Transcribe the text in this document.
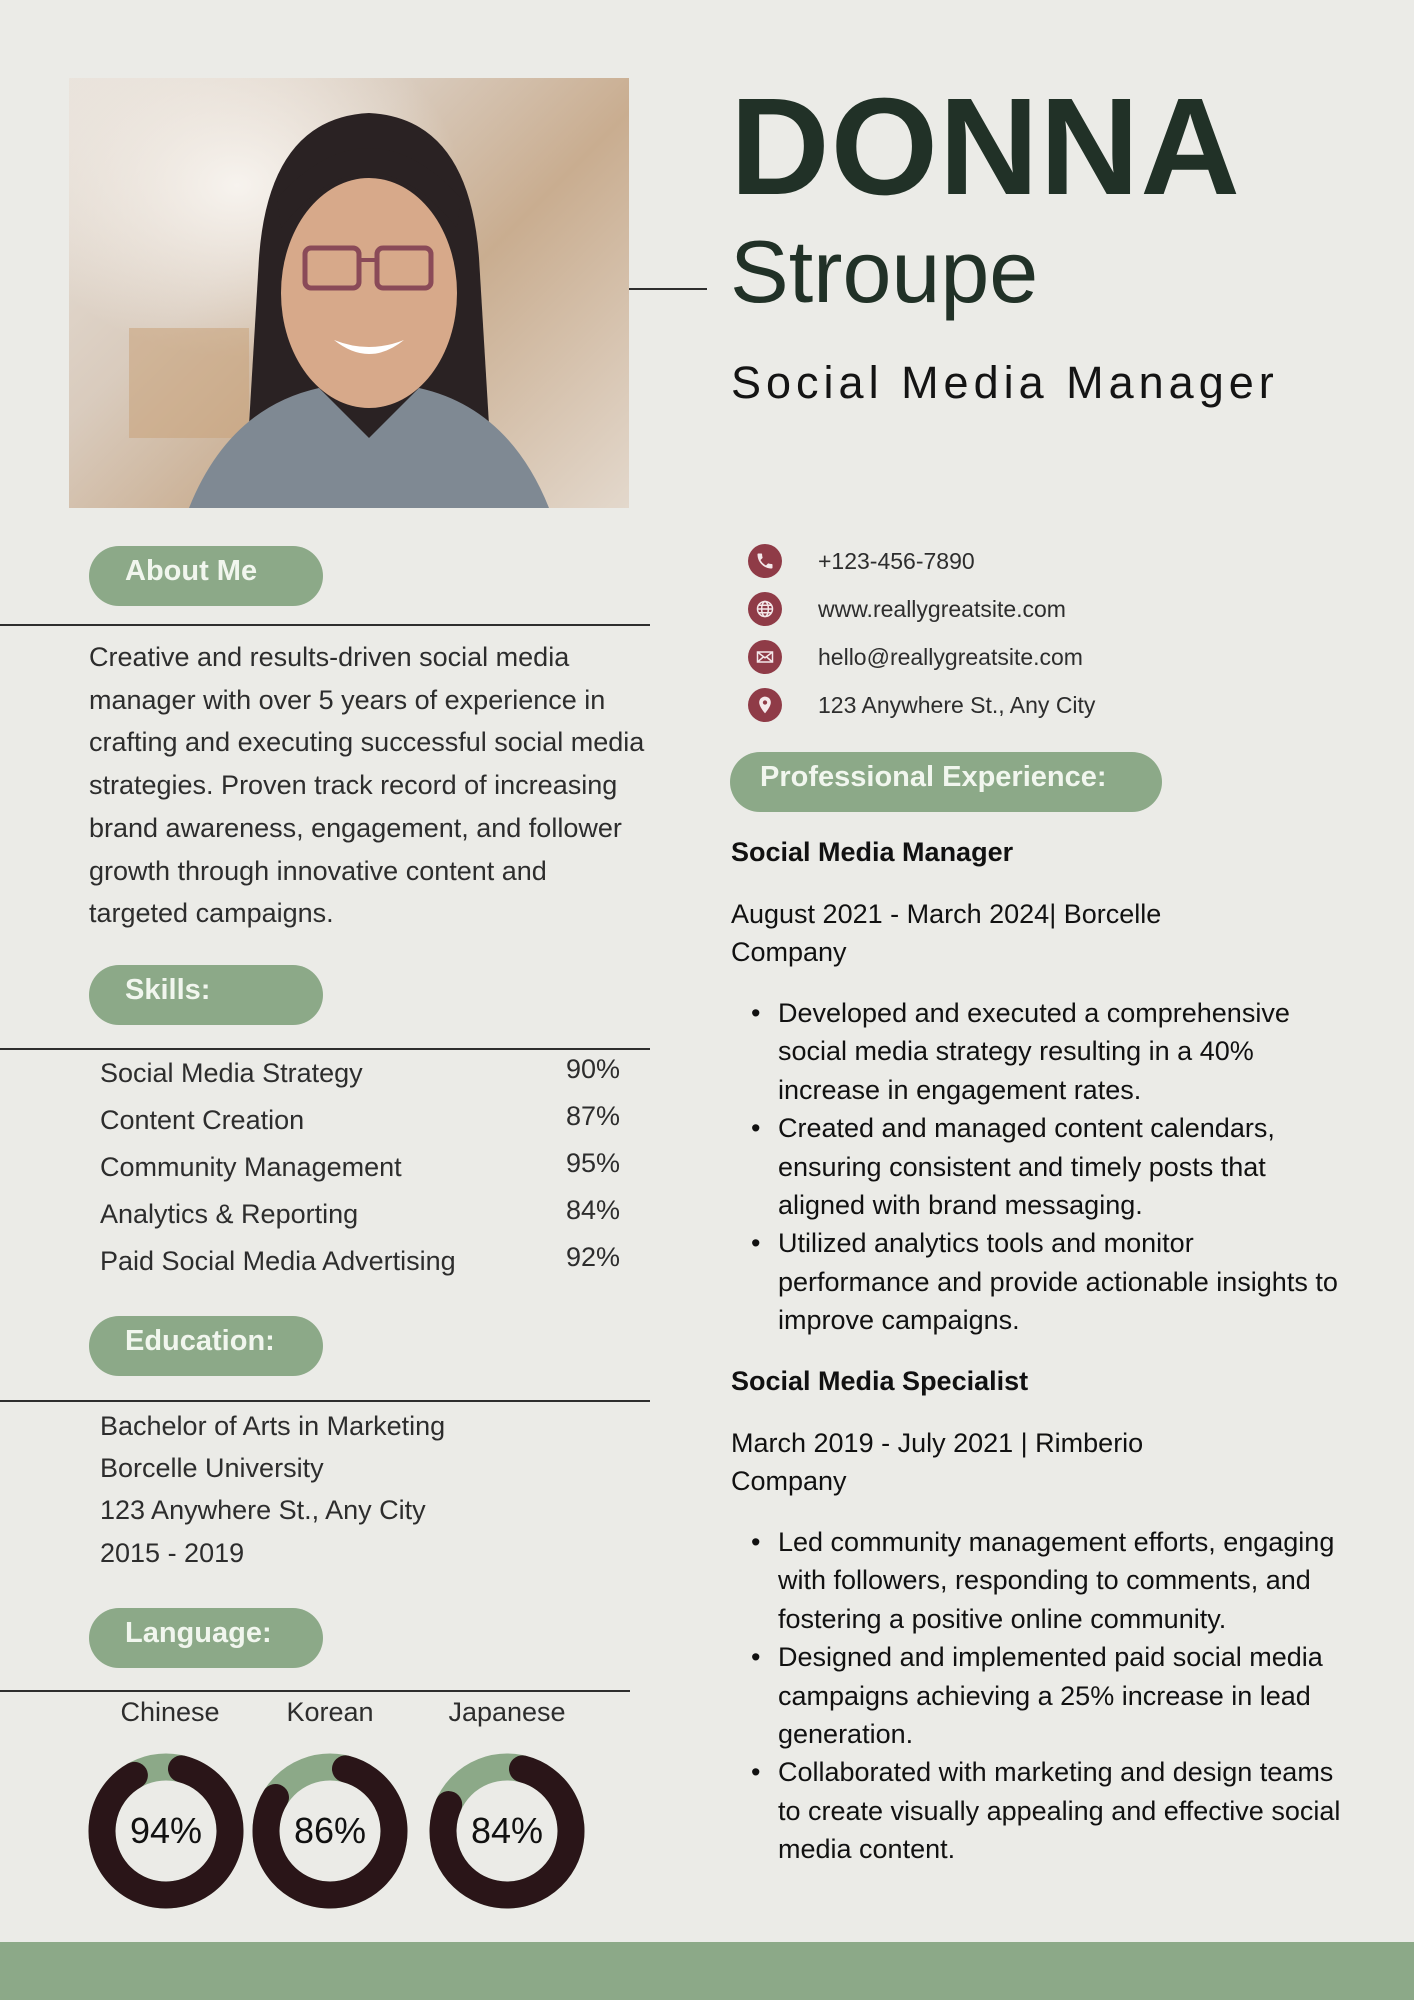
DONNA
Stroupe
Social Media Manager
+123-456-7890
www.reallygreatsite.com
hello@reallygreatsite.com
123 Anywhere St., Any City
About Me
Creative and results-driven social media manager with over 5 years of experience in crafting and executing successful social media strategies. Proven track record of increasing brand awareness, engagement, and follower growth through innovative content and targeted campaigns.
Skills:
Social Media Strategy	90%
Content Creation	87%
Community Management	95%
Analytics & Reporting	84%
Paid Social Media Advertising	92%
Education:
Bachelor of Arts in Marketing
Borcelle University
123 Anywhere St., Any City
2015 - 2019
Language:
Chinese	Korean	Japanese
94%	86%	84%
Professional Experience:
Social Media Manager
August 2021 - March 2024| Borcelle Company
• Developed and executed a comprehensive social media strategy resulting in a 40% increase in engagement rates.
• Created and managed content calendars, ensuring consistent and timely posts that aligned with brand messaging.
• Utilized analytics tools and monitor performance and provide actionable insights to improve campaigns.
Social Media Specialist
March 2019 - July 2021 | Rimberio Company
• Led community management efforts, engaging with followers, responding to comments, and fostering a positive online community.
• Designed and implemented paid social media campaigns achieving a 25% increase in lead generation.
• Collaborated with marketing and design teams to create visually appealing and effective social media content.
